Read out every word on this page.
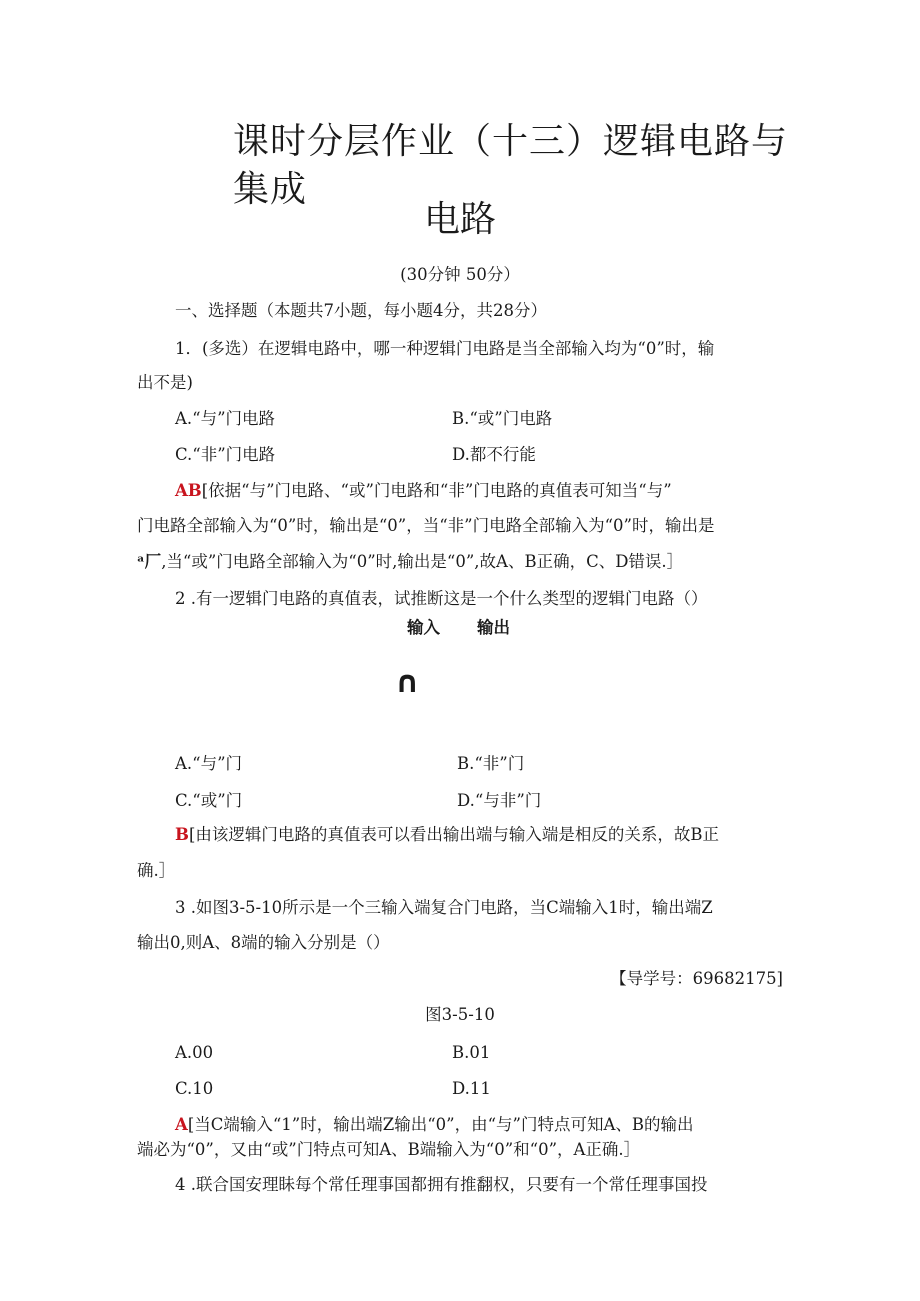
课时分层作业（十三）逻辑电路与集成
电路
(30分钟 50分）
一、选择题（本题共7小题，每小题4分，共28分）
1．(多选）在逻辑电路中，哪一种逻辑门电路是当全部输入均为“0”时，输
出不是)
A.“与”门电路	B.“或”门电路
C.“非”门电路	D.都不行能
AB[依据“与”门电路、“或”门电路和“非”门电路的真值表可知当“与”
门电路全部输入为“0”时，输出是“0”，当“非”门电路全部输入为“0”时，输出是
ᵃ厂,当“或”门电路全部输入为“0”时,输出是“0”,故A、B正确，C、D错误.］
2 .有一逻辑门电路的真值表，试推断这是一个什么类型的逻辑门电路（）
输入 输出
∩
A.“与”门	B.“非”门
C.“或”门	D.“与非”门
B[由该逻辑门电路的真值表可以看出输出端与输入端是相反的关系，故B正
确.］
3 .如图3-5-10所示是一个三输入端复合门电路，当C端输入1时，输出端Z
输出0,则A、8端的输入分别是（）
【导学号：69682175]
图3-5-10
A.00	B.01
C.10	D.11
A[当C端输入“1”时，输出端Z输出“0”，由“与”门特点可知A、B的输出
端必为“0”，又由“或”门特点可知A、B端输入为“0”和“0”，A正确.］
4 .联合国安理眛每个常任理事国都拥有推翻权，只要有一个常任理事国投
